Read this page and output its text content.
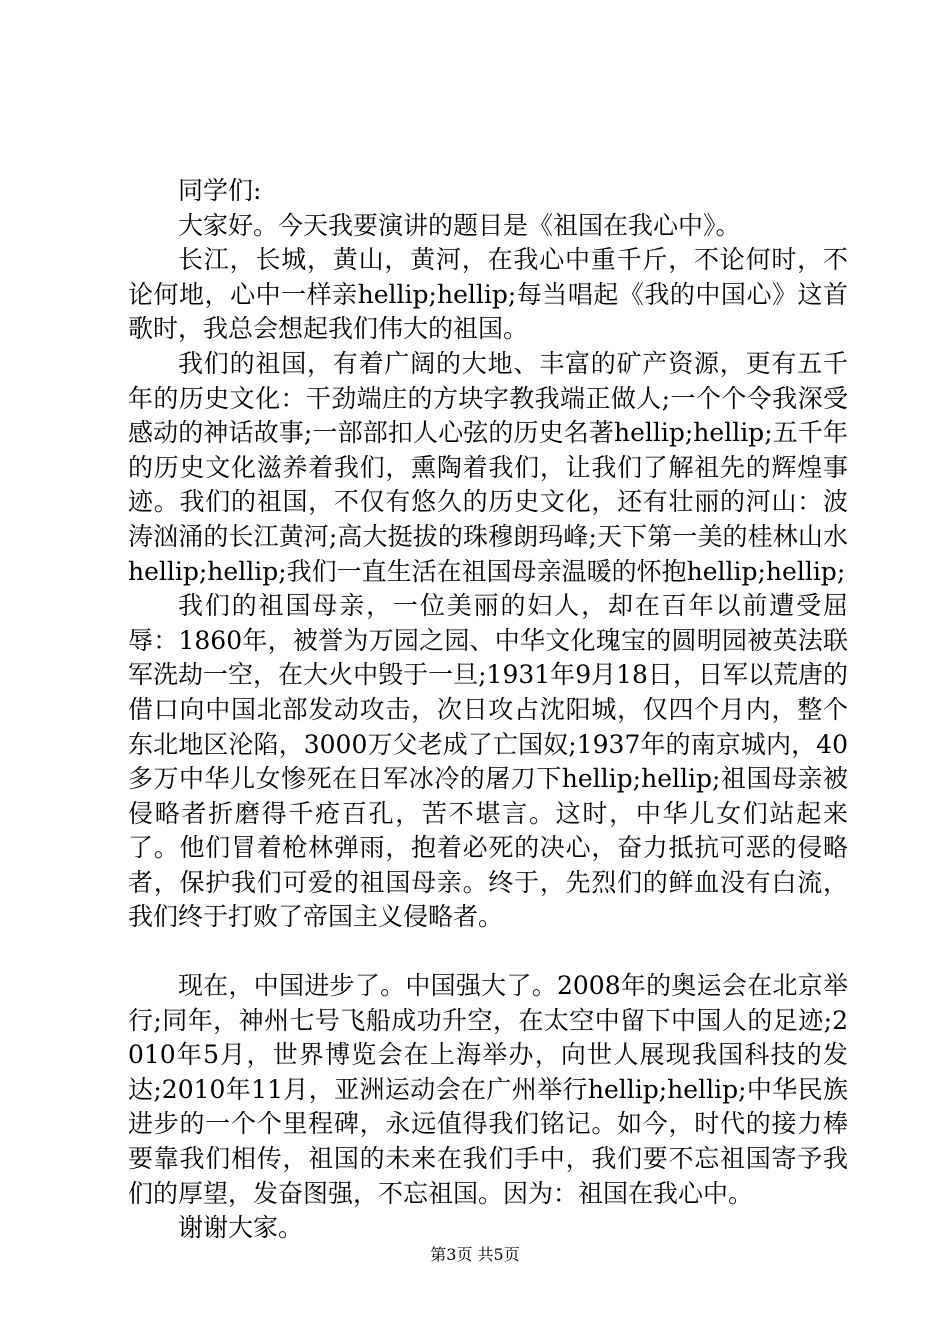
同学们:

大家好。今天我要演讲的题目是《祖国在我心中》。

长江，长城，黄山，黄河，在我心中重千斤，不论何时，不论何地，心中一样亲hellip;hellip;每当唱起《我的中国心》这首歌时，我总会想起我们伟大的祖国。

我们的祖国，有着广阔的大地、丰富的矿产资源，更有五千年的历史文化：干劲端庄的方块字教我端正做人;一个个令我深受感动的神话故事;一部部扣人心弦的历史名著hellip;hellip;五千年的历史文化滋养着我们，熏陶着我们，让我们了解祖先的辉煌事迹。我们的祖国，不仅有悠久的历史文化，还有壮丽的河山：波涛汹涌的长江黄河;高大挺拔的珠穆朗玛峰;天下第一美的桂林山水hellip;hellip;我们一直生活在祖国母亲温暖的怀抱hellip;hellip;

我们的祖国母亲，一位美丽的妇人，却在百年以前遭受屈辱：1860年，被誉为万园之园、中华文化瑰宝的圆明园被英法联军洗劫一空，在大火中毁于一旦;1931年9月18日，日军以荒唐的借口向中国北部发动攻击，次日攻占沈阳城，仅四个月内，整个东北地区沦陷，3000万父老成了亡国奴;1937年的南京城内，40多万中华儿女惨死在日军冰冷的屠刀下hellip;hellip;祖国母亲被侵略者折磨得千疮百孔，苦不堪言。这时，中华儿女们站起来了。他们冒着枪林弹雨，抱着必死的决心，奋力抵抗可恶的侵略者，保护我们可爱的祖国母亲。终于，先烈们的鲜血没有白流，我们终于打败了帝国主义侵略者。

现在，中国进步了。中国强大了。2008年的奥运会在北京举行;同年，神州七号飞船成功升空，在太空中留下中国人的足迹;2010年5月，世界博览会在上海举办，向世人展现我国科技的发达;2010年11月，亚洲运动会在广州举行hellip;hellip;中华民族进步的一个个里程碑，永远值得我们铭记。如今，时代的接力棒要靠我们相传，祖国的未来在我们手中，我们要不忘祖国寄予我们的厚望，发奋图强，不忘祖国。因为：祖国在我心中。

谢谢大家。

第3页 共5页
